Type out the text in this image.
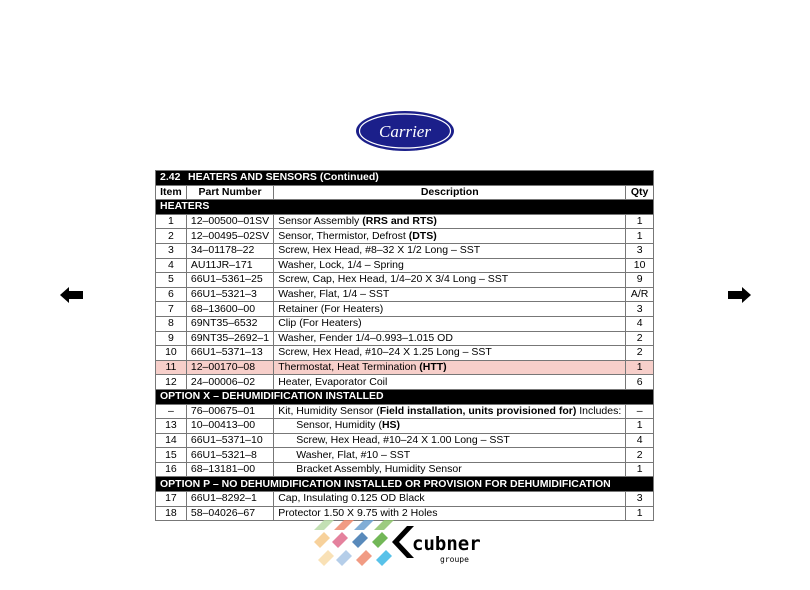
Carrier
2.42 HEATERS AND SENSORS (Continued)			
Item	Part Number	Description	Qty
HEATERS			
1	12–00500–01SV	Sensor Assembly (RRS and RTS)	1
2	12–00495–02SV	Sensor, Thermistor, Defrost (DTS)	1
3	34–01178–22	Screw, Hex Head, #8–32 X 1/2 Long – SST	3
4	AU11JR–171	Washer, Lock, 1/4 – Spring	10
5	66U1–5361–25	Screw, Cap, Hex Head, 1/4–20 X 3/4 Long – SST	9
6	66U1–5321–3	Washer, Flat, 1/4 – SST	A/R
7	68–13600–00	Retainer (For Heaters)	3
8	69NT35–6532	Clip (For Heaters)	4
9	69NT35–2692–1	Washer, Fender 1/4–0.993–1.015 OD	2
10	66U1–5371–13	Screw, Hex Head, #10–24 X 1.25 Long – SST	2
11	12–00170–08	Thermostat, Heat Termination (HTT)	1
12	24–00006–02	Heater, Evaporator Coil	6
OPTION X – DEHUMIDIFICATION INSTALLED			
–	76–00675–01	Kit, Humidity Sensor (Field installation, units provisioned for) Includes:	–
13	10–00413–00	Sensor, Humidity (HS)	1
14	66U1–5371–10	Screw, Hex Head, #10–24 X 1.00 Long – SST	4
15	66U1–5321–8	Washer, Flat, #10 – SST	2
16	68–13181–00	Bracket Assembly, Humidity Sensor	1
OPTION P – NO DEHUMIDIFICATION INSTALLED OR PROVISION FOR DEHUMIDIFICATION			
17	66U1–8292–1	Cap, Insulating 0.125 OD Black	3
18	58–04026–67	Protector 1.50 X 9.75 with 2 Holes	1
cubner
groupe
